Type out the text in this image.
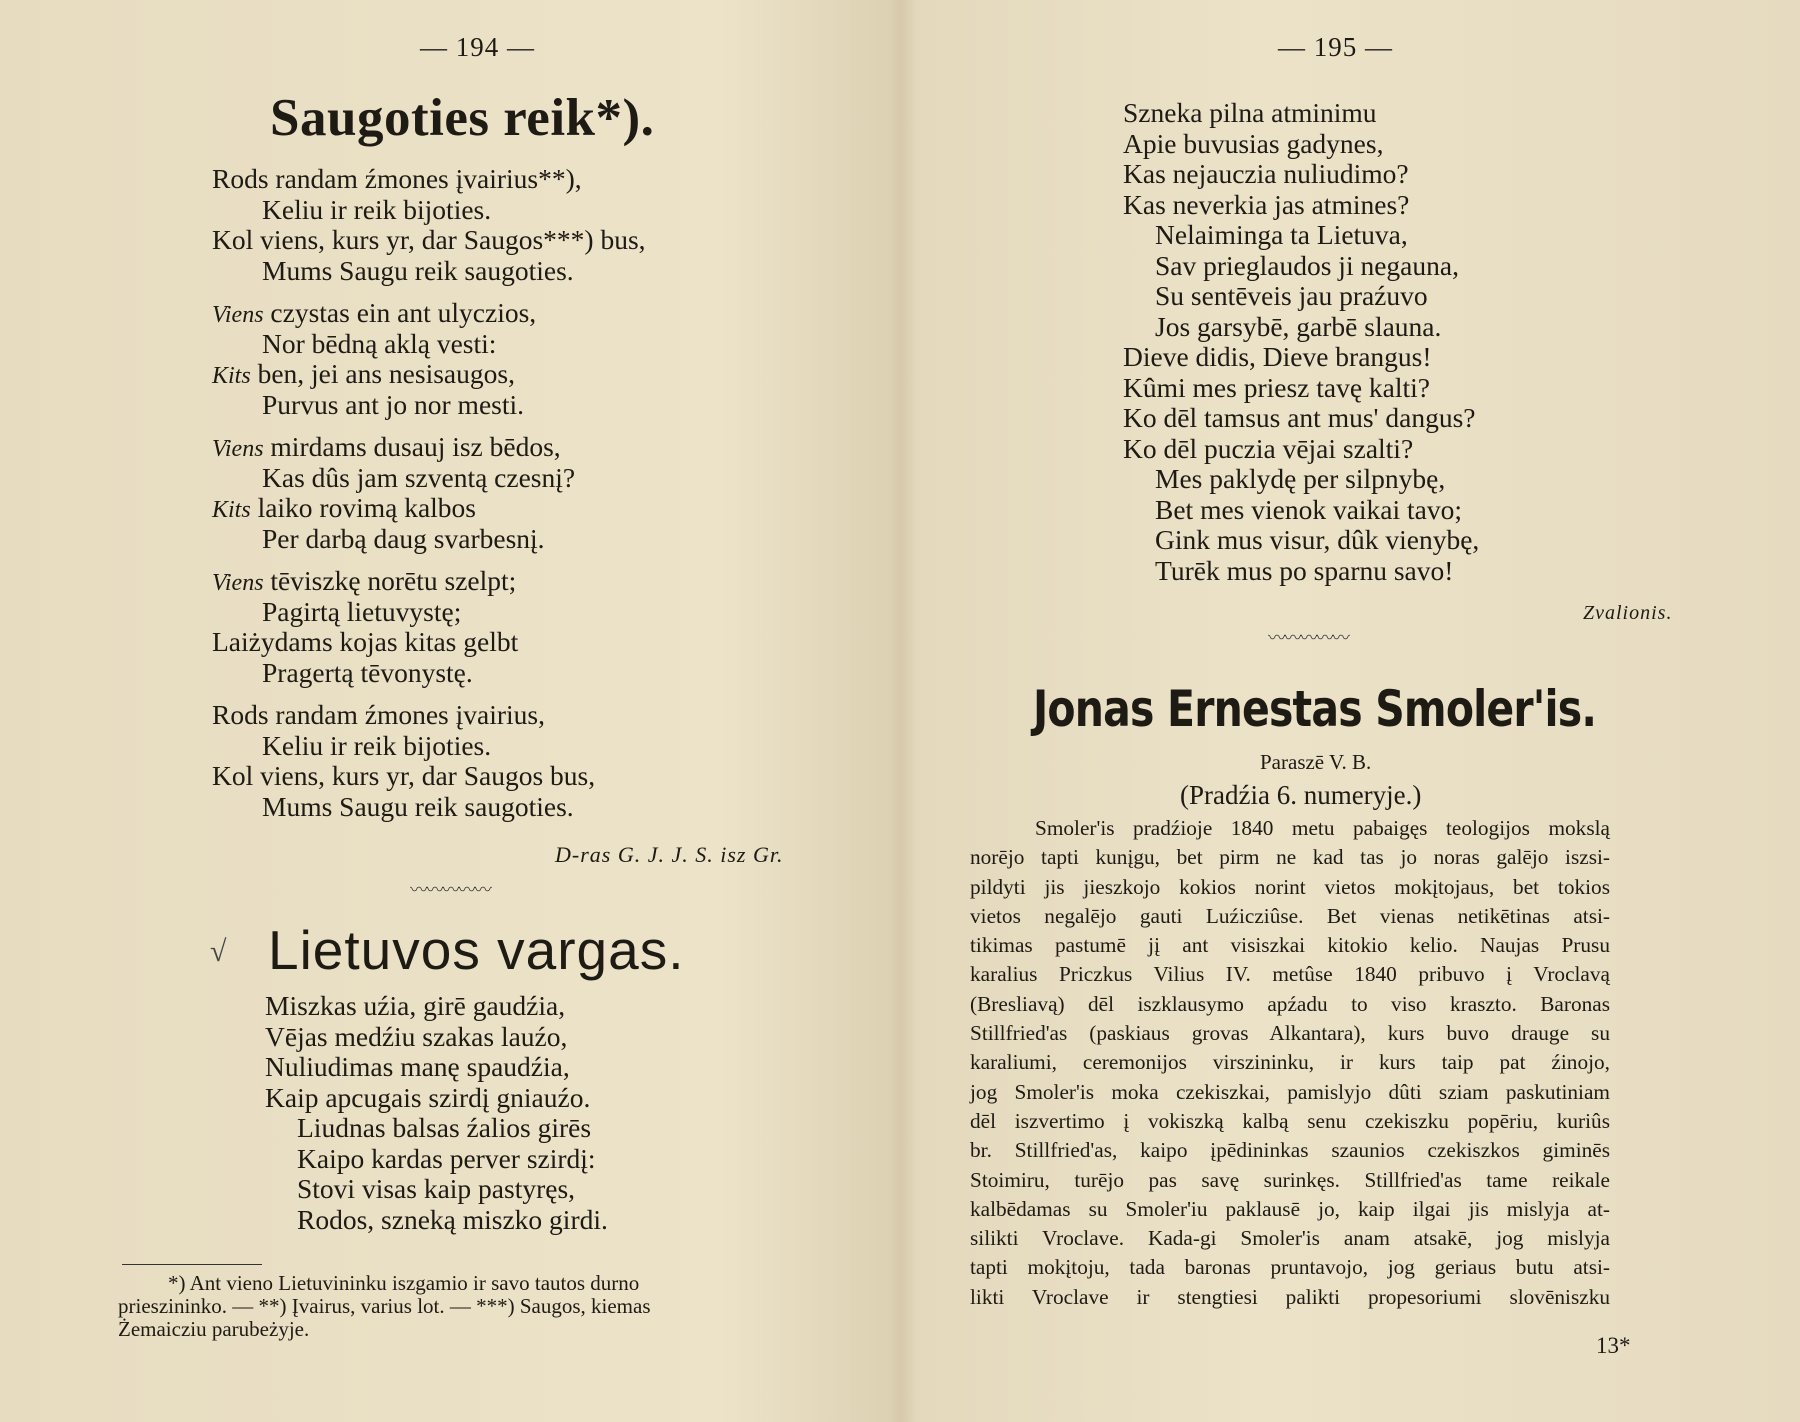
— 194 —
Saugoties reik*).
Rods randam źmones įvairius**),
Keliu ir reik bijoties.
Kol viens, kurs yr, dar Saugos***) bus,
Mums Saugu reik saugoties.
Viens czystas ein ant ulyczios,
Nor bēdną aklą vesti:
Kits ben, jei ans nesisaugos,
Purvus ant jo nor mesti.
Viens mirdams dusauj isz bēdos,
Kas dûs jam szventą czesnį?
Kits laiko rovimą kalbos
Per darbą daug svarbesnį.
Viens tēviszkę norētu szelpt;
Pagirtą lietuvystę;
Laiżydams kojas kitas gelbt
Pragertą tēvonystę.
Rods randam źmones įvairius,
Keliu ir reik bijoties.
Kol viens, kurs yr, dar Saugos bus,
Mums Saugu reik saugoties.
D-ras G. J. J. S. isz Gr.
〰〰〰〰〰
√ Lietuvos vargas.
Miszkas uźia, girē gaudźia,
Vējas medźiu szakas lauźo,
Nuliudimas manę spaudźia,
Kaip apcugais szirdį gniauźo.
Liudnas balsas źalios girēs
Kaipo kardas perver szirdį:
Stovi visas kaip pastyręs,
Rodos, szneką miszko girdi.
*) Ant vieno Lietuvininku iszgamio ir savo tautos durno
prieszininko. — **) Įvairus, varius lot. — ***) Saugos, kiemas
Żemaicziu parubeżyje.
— 195 —
Szneka pilna atminimu
Apie buvusias gadynes,
Kas nejauczia nuliudimo?
Kas neverkia jas atmines?
Nelaiminga ta Lietuva,
Sav prieglaudos ji negauna,
Su sentēveis jau praźuvo
Jos garsybē, garbē slauna.
Dieve didis, Dieve brangus!
Kûmi mes priesz tavę kalti?
Ko dēl tamsus ant mus' dangus?
Ko dēl puczia vējai szalti?
Mes paklydę per silpnybę,
Bet mes vienok vaikai tavo;
Gink mus visur, dûk vienybę,
Turēk mus po sparnu savo!
Zvalionis.
〰〰〰〰〰
Jonas Ernestas Smoler'is.
Paraszē V. B.
(Pradźia 6. numeryje.)
Smoler'is pradźioje 1840 metu pabaigęs teologijos mokslą
norējo tapti kunįgu, bet pirm ne kad tas jo noras galējo iszsi-
pildyti jis jieszkojo kokios norint vietos mokįtojaus, bet tokios
vietos negalējo gauti Luźicziûse. Bet vienas netikētinas atsi-
tikimas pastumē jį ant visiszkai kitokio kelio. Naujas Prusu
karalius Priczkus Vilius IV. metûse 1840 pribuvo į Vroclavą
(Bresliavą) dēl iszklausymo apźadu to viso kraszto. Baronas
Stillfried'as (paskiaus grovas Alkantara), kurs buvo drauge su
karaliumi, ceremonijos virszininku, ir kurs taip pat źinojo,
jog Smoler'is moka czekiszkai, pamislyjo dûti sziam paskutiniam
dēl iszvertimo į vokiszką kalbą senu czekiszku popēriu, kuriûs
br. Stillfried'as, kaipo įpēdininkas szaunios czekiszkos giminēs
Stoimiru, turējo pas savę surinkęs. Stillfried'as tame reikale
kalbēdamas su Smoler'iu paklausē jo, kaip ilgai jis mislyja at-
silikti Vroclave. Kada-gi Smoler'is anam atsakē, jog mislyja
tapti mokįtoju, tada baronas pruntavojo, jog geriaus butu atsi-
likti Vroclave ir stengtiesi palikti propesoriumi slovēniszku
13*
